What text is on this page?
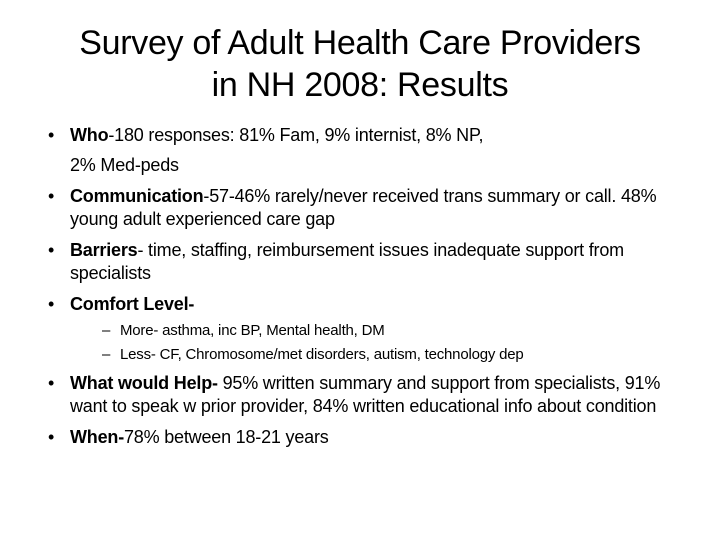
Survey of Adult Health Care Providers
in NH 2008: Results
• Who-180 responses: 81% Fam, 9% internist, 8% NP,
2% Med-peds
• Communication-57-46% rarely/never received trans summary or call. 48% young adult experienced care gap
• Barriers- time, staffing, reimbursement issues inadequate support from specialists
• Comfort Level-
– More- asthma, inc BP, Mental health, DM
– Less- CF, Chromosome/met disorders, autism, technology dep
• What would Help- 95% written summary and support from specialists, 91% want to speak w prior provider, 84% written educational info about condition
• When-78% between 18-21 years
